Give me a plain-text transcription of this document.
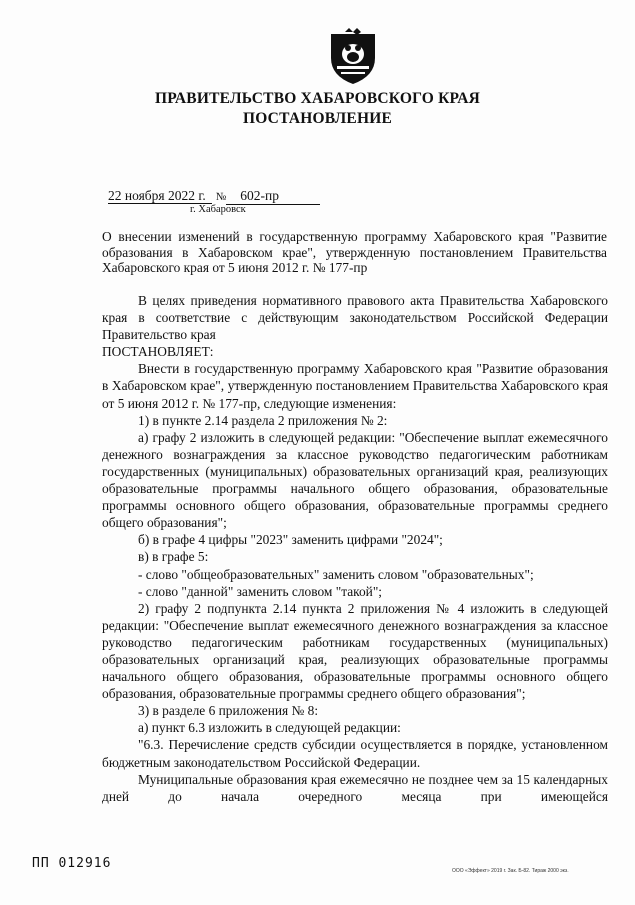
ПРАВИТЕЛЬСТВО ХАБАРОВСКОГО КРАЯ
ПОСТАНОВЛЕНИЕ
22 ноября 2022 г. № 602-пр
г. Хабаровск
О внесении изменений в государственную программу Хабаровского края "Развитие образования в Хабаровском крае", утвержденную постановлением Правительства Хабаровского края от 5 июня 2012 г. № 177-пр

В целях приведения нормативного правового акта Правительства Хабаровского края в соответствие с действующим законодательством Российской Федерации Правительство края

ПОСТАНОВЛЯЕТ:

Внести в государственную программу Хабаровского края "Развитие образования в Хабаровском крае", утвержденную постановлением Правительства Хабаровского края от 5 июня 2012 г. № 177-пр, следующие изменения:

1) в пункте 2.14 раздела 2 приложения № 2:

а) графу 2 изложить в следующей редакции: "Обеспечение выплат ежемесячного денежного вознаграждения за классное руководство педагогическим работникам государственных (муниципальных) образовательных организаций края, реализующих образовательные программы начального общего образования, образовательные программы основного общего образования, образовательные программы среднего общего образования";

б) в графе 4 цифры "2023" заменить цифрами "2024";

в) в графе 5:

- слово "общеобразовательных" заменить словом "образовательных";

- слово "данной" заменить словом "такой";

2) графу 2 подпункта 2.14 пункта 2 приложения № 4 изложить в следующей редакции: "Обеспечение выплат ежемесячного денежного вознаграждения за классное руководство педагогическим работникам государственных (муниципальных) образовательных организаций края, реализующих образовательные программы начального общего образования, образовательные программы основного общего образования, образовательные программы среднего общего образования";

3) в разделе 6 приложения № 8:

а) пункт 6.3 изложить в следующей редакции:

"6.3. Перечисление средств субсидии осуществляется в порядке, установленном бюджетным законодательством Российской Федерации.

Муниципальные образования края ежемесячно не позднее чем за 15 календарных дней до начала очередного месяца при имеющейся

ПП 012916	ООО «Эффект» 2019 г. Зак. Б-82. Тираж 2000 экз.
